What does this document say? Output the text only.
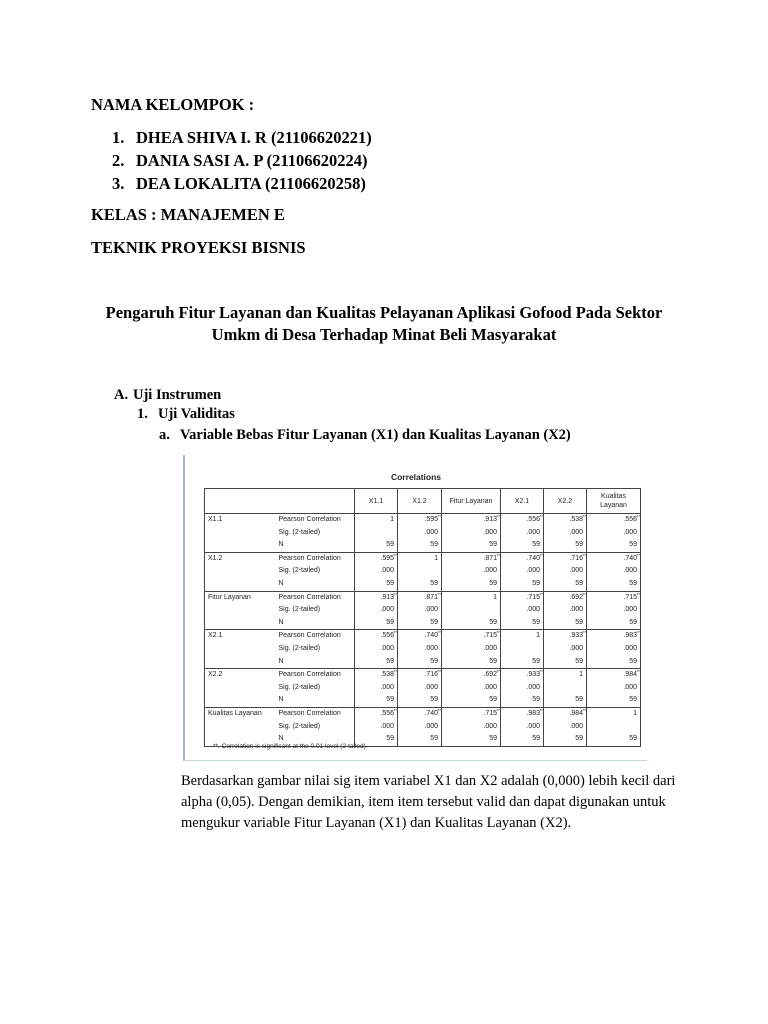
NAMA KELOMPOK :
1. DHEA SHIVA I. R (21106620221)
2. DANIA SASI A. P (21106620224)
3. DEA LOKALITA (21106620258)
KELAS : MANAJEMEN E
TEKNIK PROYEKSI BISNIS
Pengaruh Fitur Layanan dan Kualitas Pelayanan Aplikasi Gofood Pada Sektor Umkm di Desa Terhadap Minat Beli Masyarakat
A. Uji Instrumen
1. Uji Validitas
a. Variable Bebas Fitur Layanan (X1) dan Kualitas Layanan (X2)
Correlations
		X1.1	X1.2	Fitur Layanan	X2.1	X2.2	Kualitas Layanan
X1.1	Pearson Correlation	1	.595 **	.913 **	.556 **	.538 **	.556 **

	Sig. (2-tailed)		.000	.000	.000	.000	.000
	N	59	59	59	59	59	59
X1.2	Pearson Correlation	.595 **	1	.871 **	.740 **	.716 **	.740 **

	Sig. (2-tailed)	.000		.000	.000	.000	.000
	N	59	59	59	59	59	59
Fitur Layanan	Pearson Correlation	.913 **	.871 **	1	.715 **	.692 **	.715 **

	Sig. (2-tailed)	.000	.000		.000	.000	.000
	N	59	59	59	59	59	59
X2.1	Pearson Correlation	.556 **	.740 **	.715 **	1	.933 **	.983 **

	Sig. (2-tailed)	.000	.000	.000		.000	.000
	N	59	59	59	59	59	59
X2.2	Pearson Correlation	.538 **	.716 **	.692 **	.933 **	1	.984 **

	Sig. (2-tailed)	.000	.000	.000	.000		.000
	N	59	59	59	59	59	59
Kualitas Layanan	Pearson Correlation	.556 **	.740 **	.715 **	.983 **	.984 **	1
	Sig. (2-tailed)	.000	.000	.000	.000	.000	
	N	59	59	59	59	59	59
**. Correlation is significant at the 0.01 level (2-tailed).
Berdasarkan gambar nilai sig item variabel X1 dan X2 adalah (0,000) lebih kecil dari alpha (0,05). Dengan demikian, item item tersebut valid dan dapat digunakan untuk mengukur variable Fitur Layanan (X1) dan Kualitas Layanan (X2).
